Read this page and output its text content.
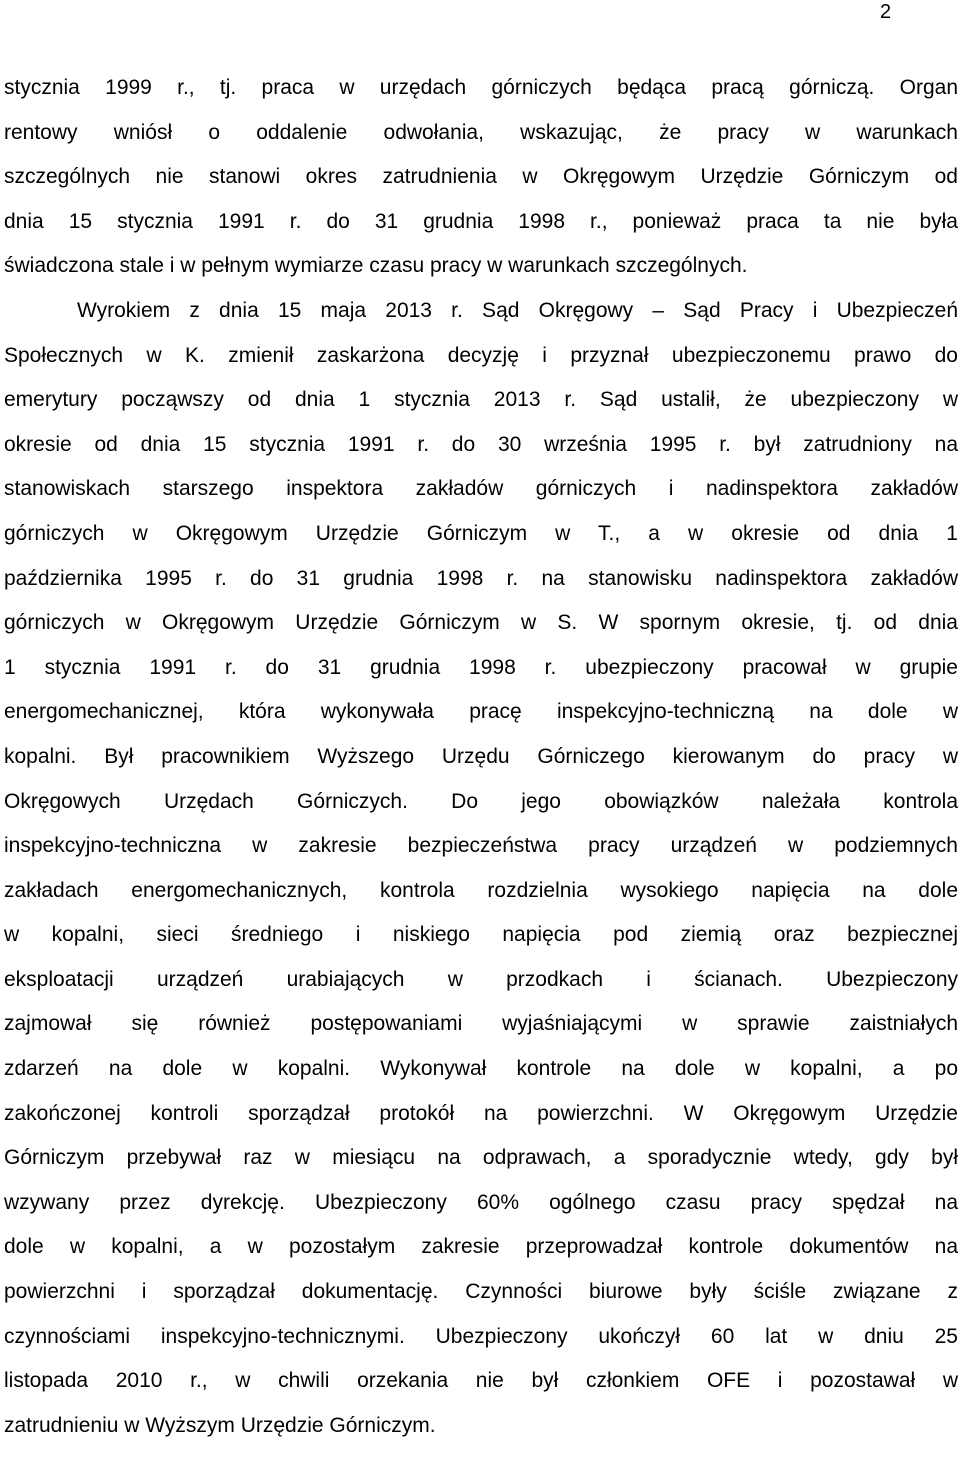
2
stycznia 1999 r., tj. praca w urzędach górniczych będąca pracą górniczą. Organ
rentowy wniósł o oddalenie odwołania, wskazując, że pracy w warunkach
szczególnych nie stanowi okres zatrudnienia w Okręgowym Urzędzie Górniczym od
dnia 15 stycznia 1991 r. do 31 grudnia 1998 r., ponieważ praca ta nie była
świadczona stale i w pełnym wymiarze czasu pracy w warunkach szczególnych.
Wyrokiem z dnia 15 maja 2013 r. Sąd Okręgowy – Sąd Pracy i Ubezpieczeń
Społecznych w K. zmienił zaskarżona decyzję i przyznał ubezpieczonemu prawo do
emerytury począwszy od dnia 1 stycznia 2013 r. Sąd ustalił, że ubezpieczony w
okresie od dnia 15 stycznia 1991 r. do 30 września 1995 r. był zatrudniony na
stanowiskach starszego inspektora zakładów górniczych i nadinspektora zakładów
górniczych w Okręgowym Urzędzie Górniczym w T., a w okresie od dnia 1
października 1995 r. do 31 grudnia 1998 r. na stanowisku nadinspektora zakładów
górniczych w Okręgowym Urzędzie Górniczym w S. W spornym okresie, tj. od dnia
1 stycznia 1991 r. do 31 grudnia 1998 r. ubezpieczony pracował w grupie
energomechanicznej, która wykonywała pracę inspekcyjno-techniczną na dole w
kopalni. Był pracownikiem Wyższego Urzędu Górniczego kierowanym do pracy w
Okręgowych Urzędach Górniczych. Do jego obowiązków należała kontrola
inspekcyjno-techniczna w zakresie bezpieczeństwa pracy urządzeń w podziemnych
zakładach energomechanicznych, kontrola rozdzielnia wysokiego napięcia na dole
w kopalni, sieci średniego i niskiego napięcia pod ziemią oraz bezpiecznej
eksploatacji urządzeń urabiających w przodkach i ścianach. Ubezpieczony
zajmował się również postępowaniami wyjaśniającymi w sprawie zaistniałych
zdarzeń na dole w kopalni. Wykonywał kontrole na dole w kopalni, a po
zakończonej kontroli sporządzał protokół na powierzchni. W Okręgowym Urzędzie
Górniczym przebywał raz w miesiącu na odprawach, a sporadycznie wtedy, gdy był
wzywany przez dyrekcję. Ubezpieczony 60% ogólnego czasu pracy spędzał na
dole w kopalni, a w pozostałym zakresie przeprowadzał kontrole dokumentów na
powierzchni i sporządzał dokumentację. Czynności biurowe były ściśle związane z
czynnościami inspekcyjno-technicznymi. Ubezpieczony ukończył 60 lat w dniu 25
listopada 2010 r., w chwili orzekania nie był członkiem OFE i pozostawał w
zatrudnieniu w Wyższym Urzędzie Górniczym.
